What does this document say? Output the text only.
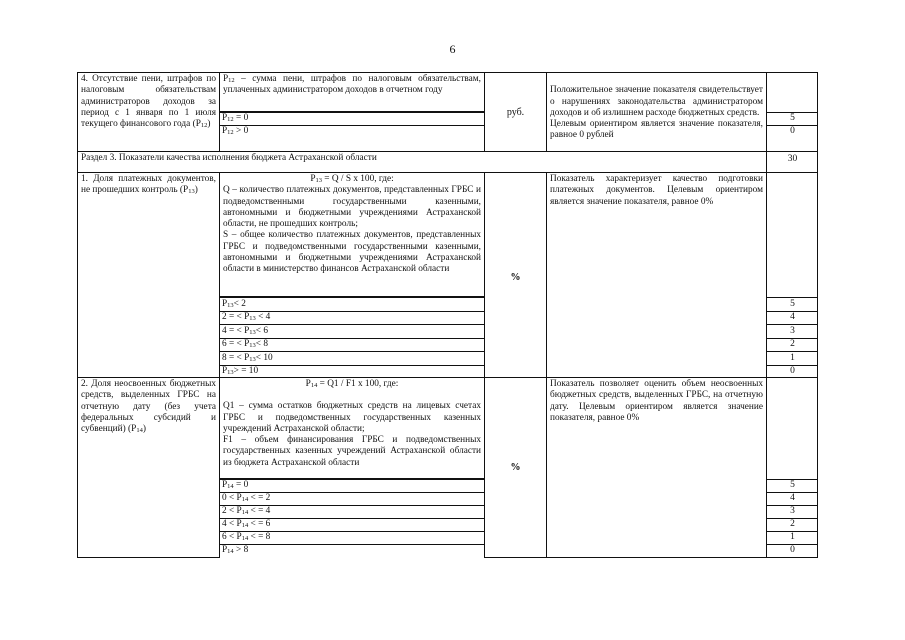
6
4. Отсутствие пени, штрафов по налоговым обязательствам администраторов доходов за период с 1 января по 1 июля текущего финансового года $(P_{12})$
$P_{12}$ – сумма пени, штрафов по налоговым обязательствам, уплаченных администратором доходов в отчетном году
руб.

Положительное значение показателя свидетельствует о нарушениях законодательства администратором доходов и об излишнем расходе бюджетных средств.
Целевым ориентиром является значение показателя, равное 0 рублей

$P_{12} = 0$
$P_{12} > 0$
5
0
Раздел 3. Показатели качества исполнения бюджета Астраханской области	30
1. Доля платежных документов, не прошедших контроль $(P_{13})$
$P_{13} = Q / S$ x 100, где:
Q – количество платежных документов, представленных ГРБС и подведомственными государственными казенными, автономными и бюджетными учреждениями Астраханской области, не прошедших контроль;
S – общее количество платежных документов, представленных ГРБС и подведомственными государственными казенными, автономными и бюджетными учреждениями Астраханской области в министерство финансов Астраханской области
%
Показатель характеризует качество подготовки платежных документов. Целевым ориентиром является значение показателя, равное 0%
$P_{13}< 2$
2 = < $P_{13} < 4$
4 = < $P_{13}< 6$
6 = < $P_{13}< 8$
8 = < $P_{13}< 10$
$P_{13}> = 10$
5
4
3
2
1
0
2. Доля неосвоенных бюджетных средств, выделенных ГРБС на отчетную дату (без учета федеральных субсидий и субвенций) $(P_{14})$
$P_{14} = Q1 / F1$ x 100, где:
Q1 – сумма остатков бюджетных средств на лицевых счетах ГРБС и подведомственных государственных казенных учреждений Астраханской области;
F1 – объем финансирования ГРБС и подведомственных государственных казенных учреждений Астраханской области из бюджета Астраханской области	%
Показатель позволяет оценить объем неосвоенных бюджетных средств, выделенных ГРБС, на отчетную дату. Целевым ориентиром является значение показателя, равное 0%
$P_{14} = 0$
$0 < P_{14}$ < = 2
$2 < P_{14}$ < = 4
$4 < P_{14}$ < = 6
$6 < P_{14}$ < = 8
$P_{14} > 8$
5
4
3
2
1
0
